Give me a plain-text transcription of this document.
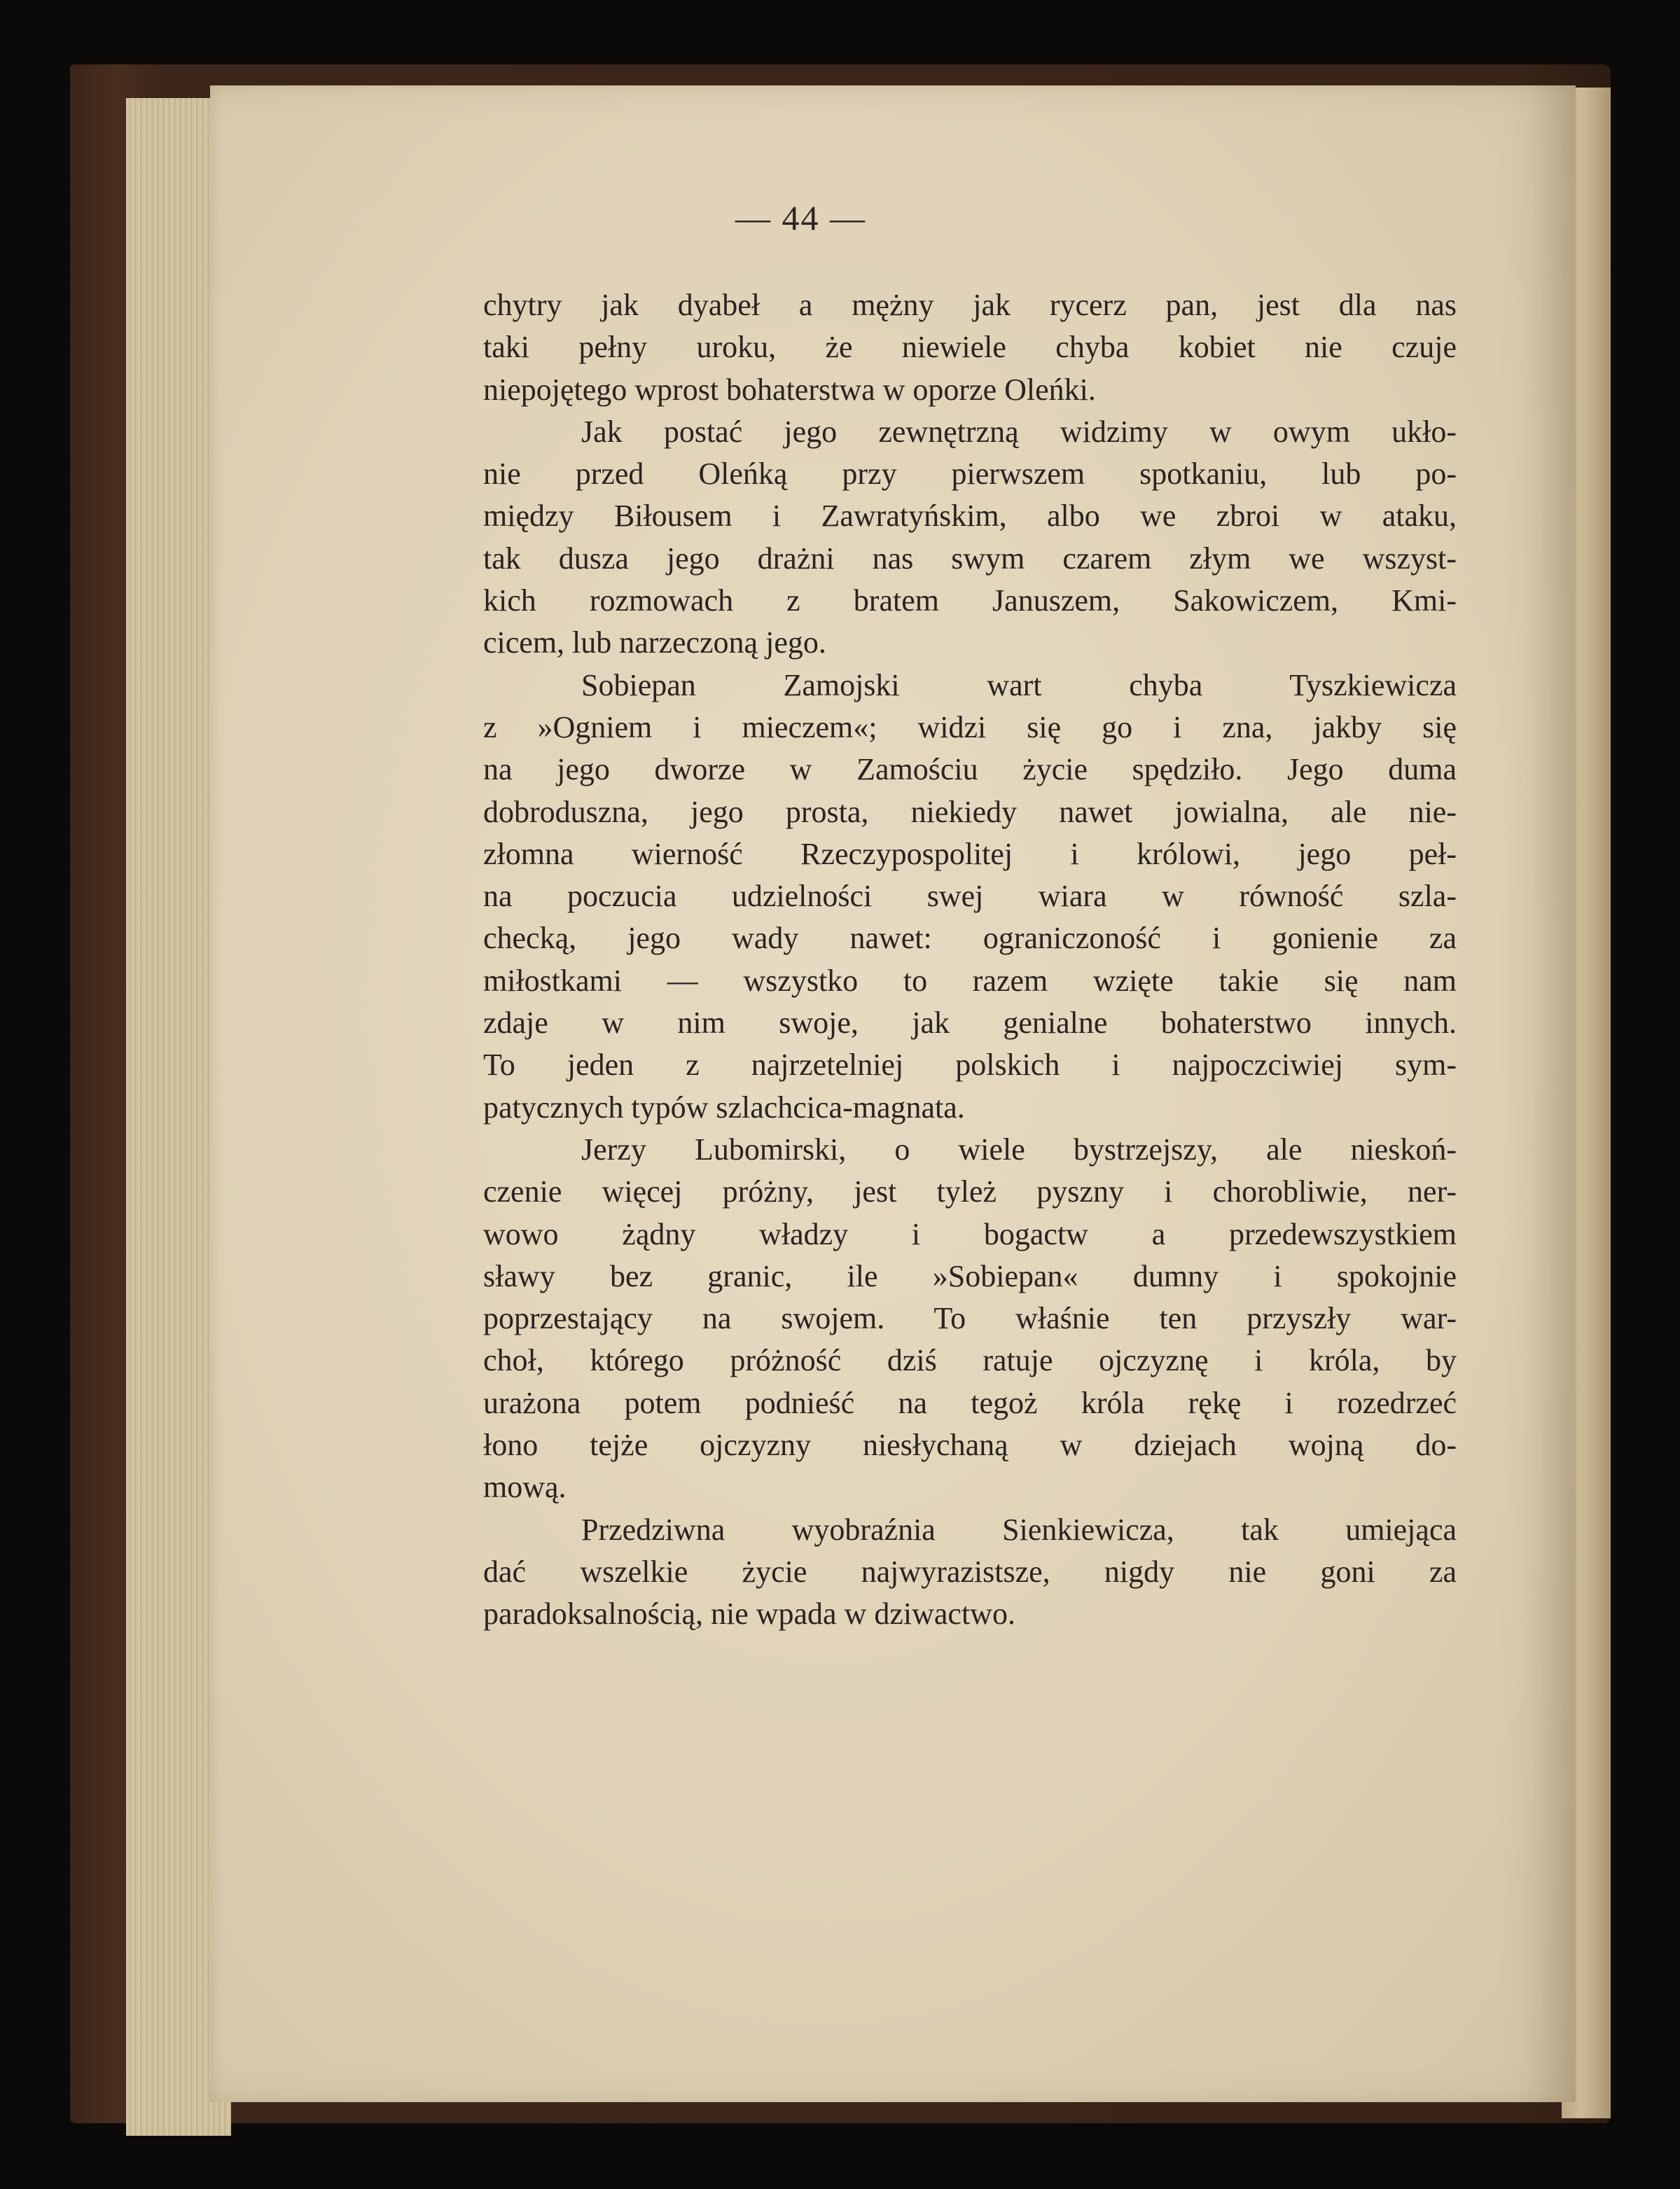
— 44 —
chytry jak dyabeł a mężny jak rycerz pan, jest dla nas
taki pełny uroku, że niewiele chyba kobiet nie czuje
niepojętego wprost bohaterstwa w oporze Oleńki.
Jak postać jego zewnętrzną widzimy w owym ukło-
nie przed Oleńką przy pierwszem spotkaniu, lub po-
między Biłousem i Zawratyńskim, albo we zbroi w ataku,
tak dusza jego drażni nas swym czarem złym we wszyst-
kich rozmowach z bratem Januszem, Sakowiczem, Kmi-
cicem, lub narzeczoną jego.
Sobiepan Zamojski wart chyba Tyszkiewicza
z »Ogniem i mieczem«; widzi się go i zna, jakby się
na jego dworze w Zamościu życie spędziło. Jego duma
dobroduszna, jego prosta, niekiedy nawet jowialna, ale nie-
złomna wierność Rzeczypospolitej i królowi, jego peł-
na poczucia udzielności swej wiara w równość szla-
checką, jego wady nawet: ograniczoność i gonienie za
miłostkami — wszystko to razem wzięte takie się nam
zdaje w nim swoje, jak genialne bohaterstwo innych.
To jeden z najrzetelniej polskich i najpoczciwiej sym-
patycznych typów szlachcica-magnata.
Jerzy Lubomirski, o wiele bystrzejszy, ale nieskoń-
czenie więcej próżny, jest tyleż pyszny i chorobliwie, ner-
wowo żądny władzy i bogactw a przedewszystkiem
sławy bez granic, ile »Sobiepan« dumny i spokojnie
poprzestający na swojem. To właśnie ten przyszły war-
choł, którego próżność dziś ratuje ojczyznę i króla, by
urażona potem podnieść na tegoż króla rękę i rozedrzeć
łono tejże ojczyzny niesłychaną w dziejach wojną do-
mową.
Przedziwna wyobraźnia Sienkiewicza, tak umiejąca
dać wszelkie życie najwyrazistsze, nigdy nie goni za
paradoksalnością, nie wpada w dziwactwo.
